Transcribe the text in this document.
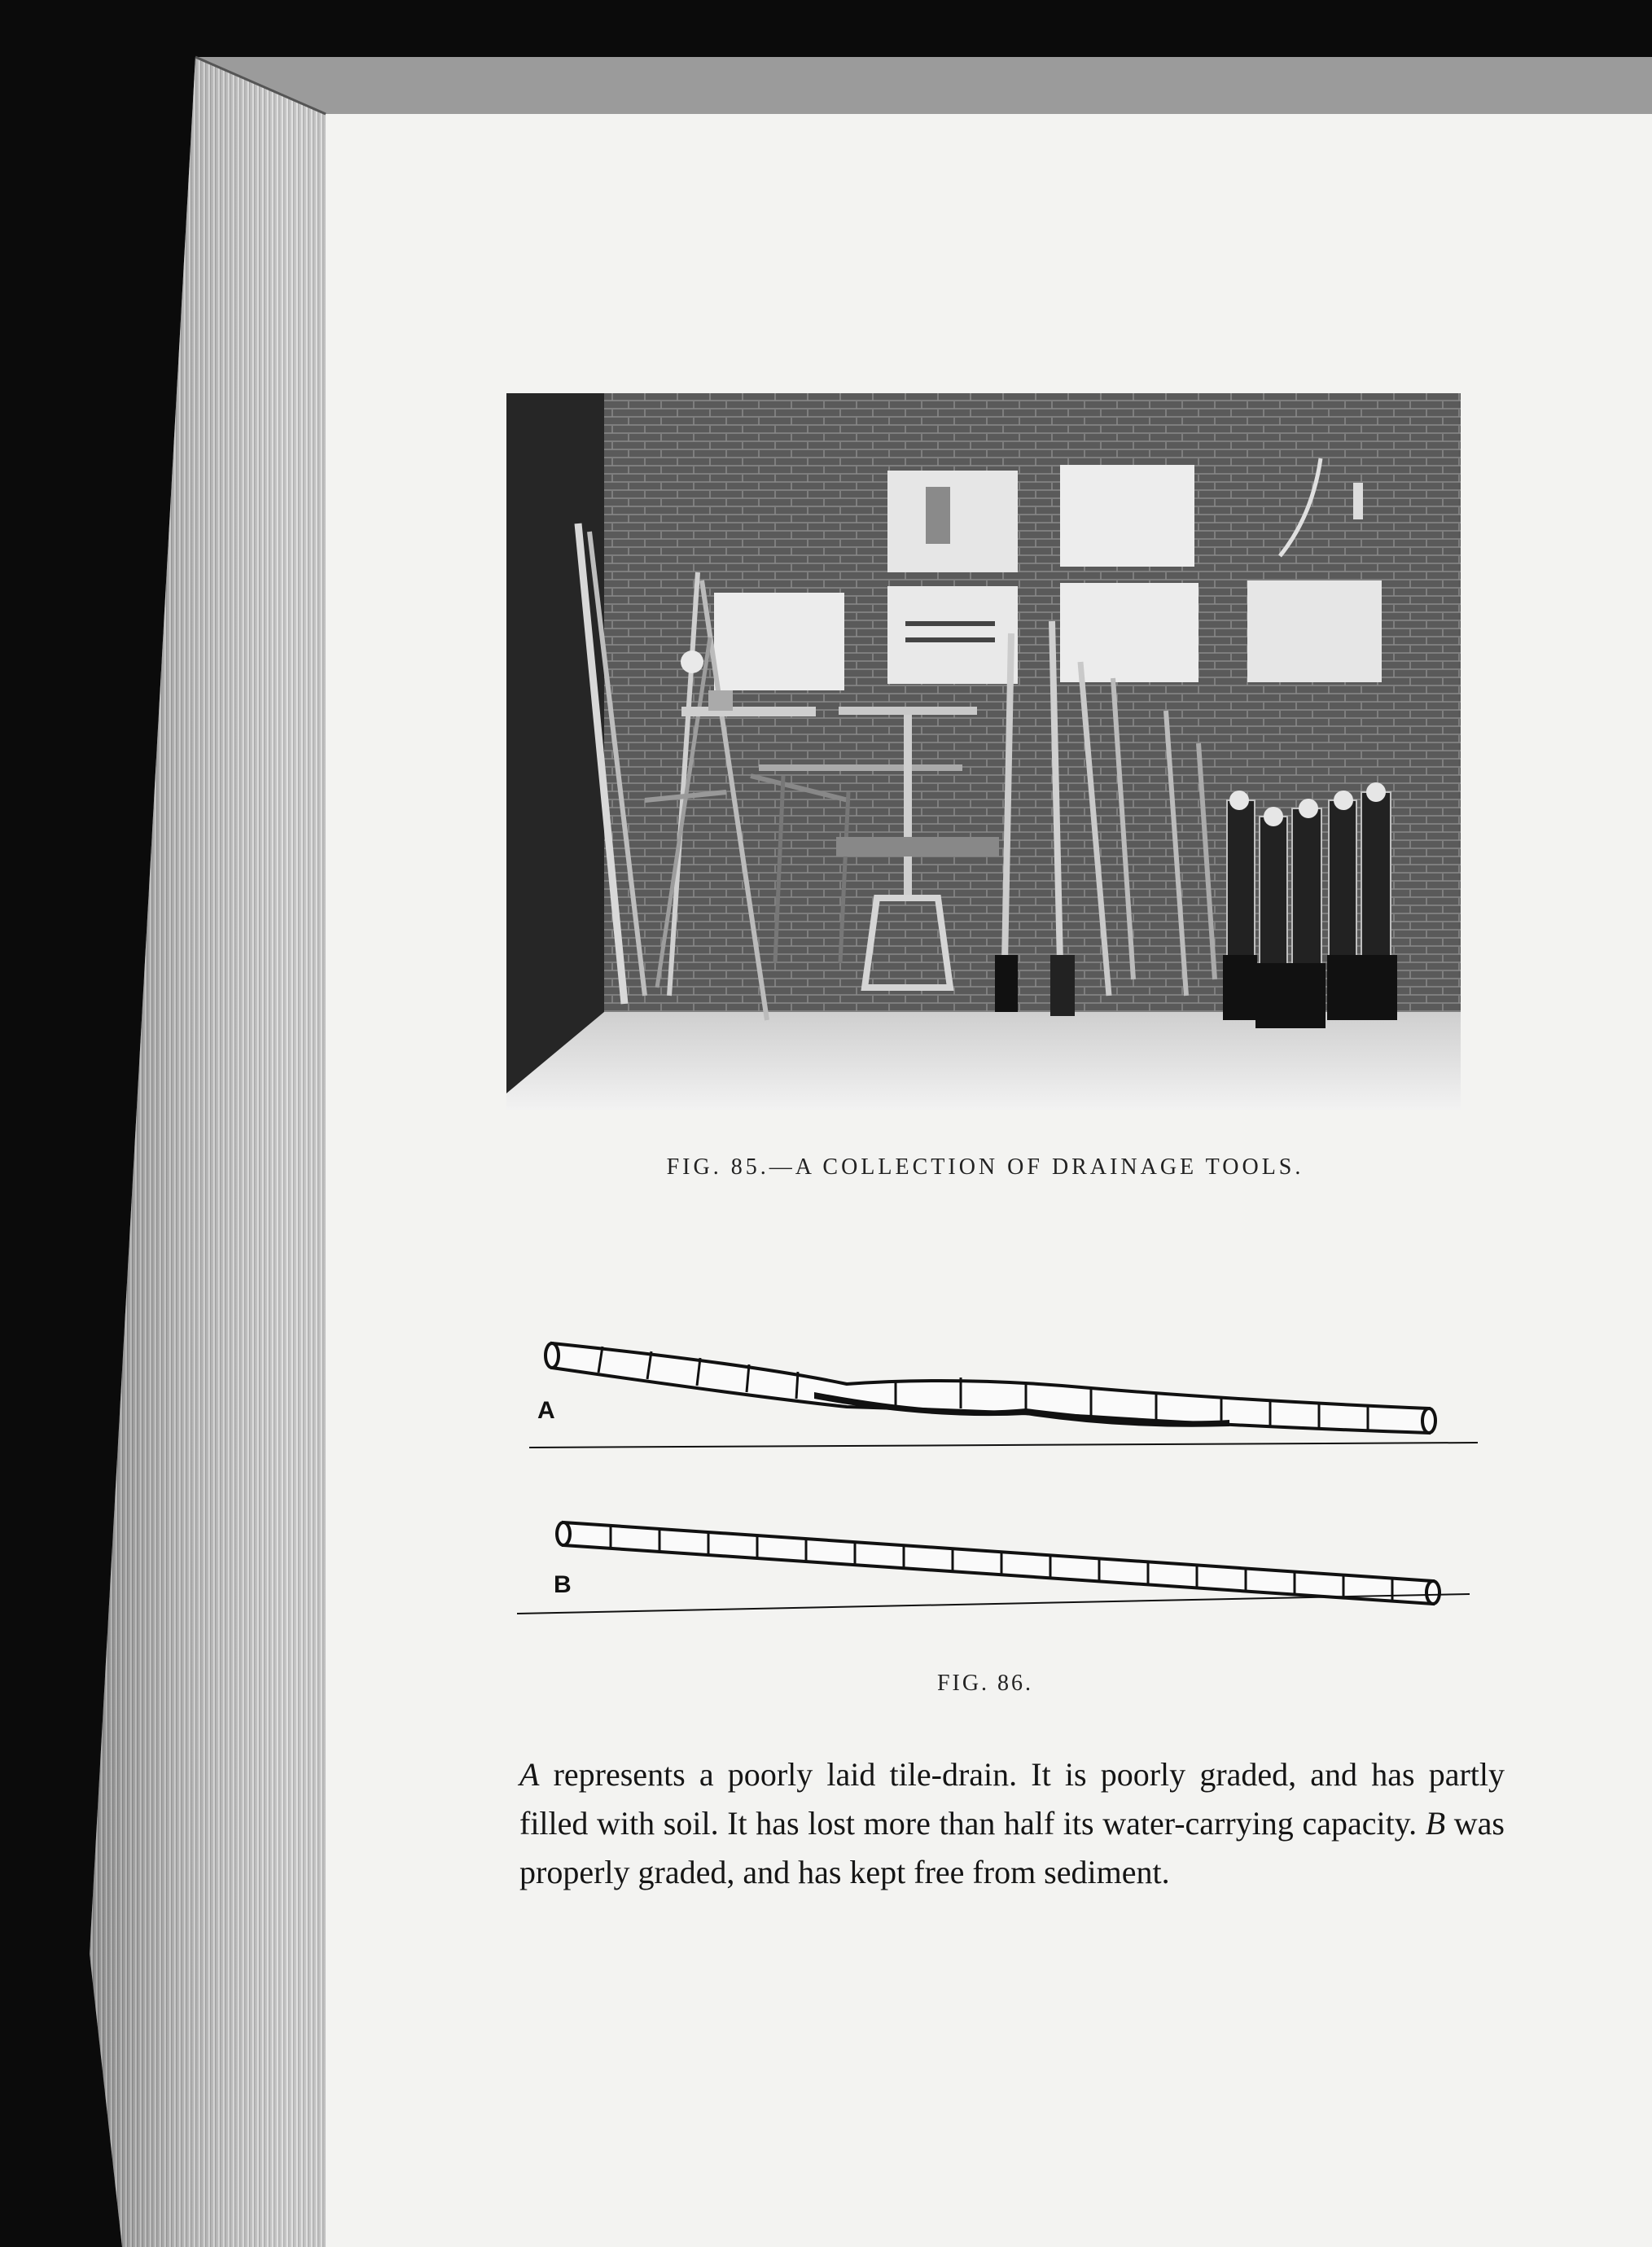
FIG. 85.—A COLLECTION OF DRAINAGE TOOLS.
A
B
FIG. 86.

A represents a poorly laid tile-drain. It is poorly graded, and has partly filled with soil. It has lost more than half its water-carrying capacity. B was properly graded, and has kept free from sediment.
